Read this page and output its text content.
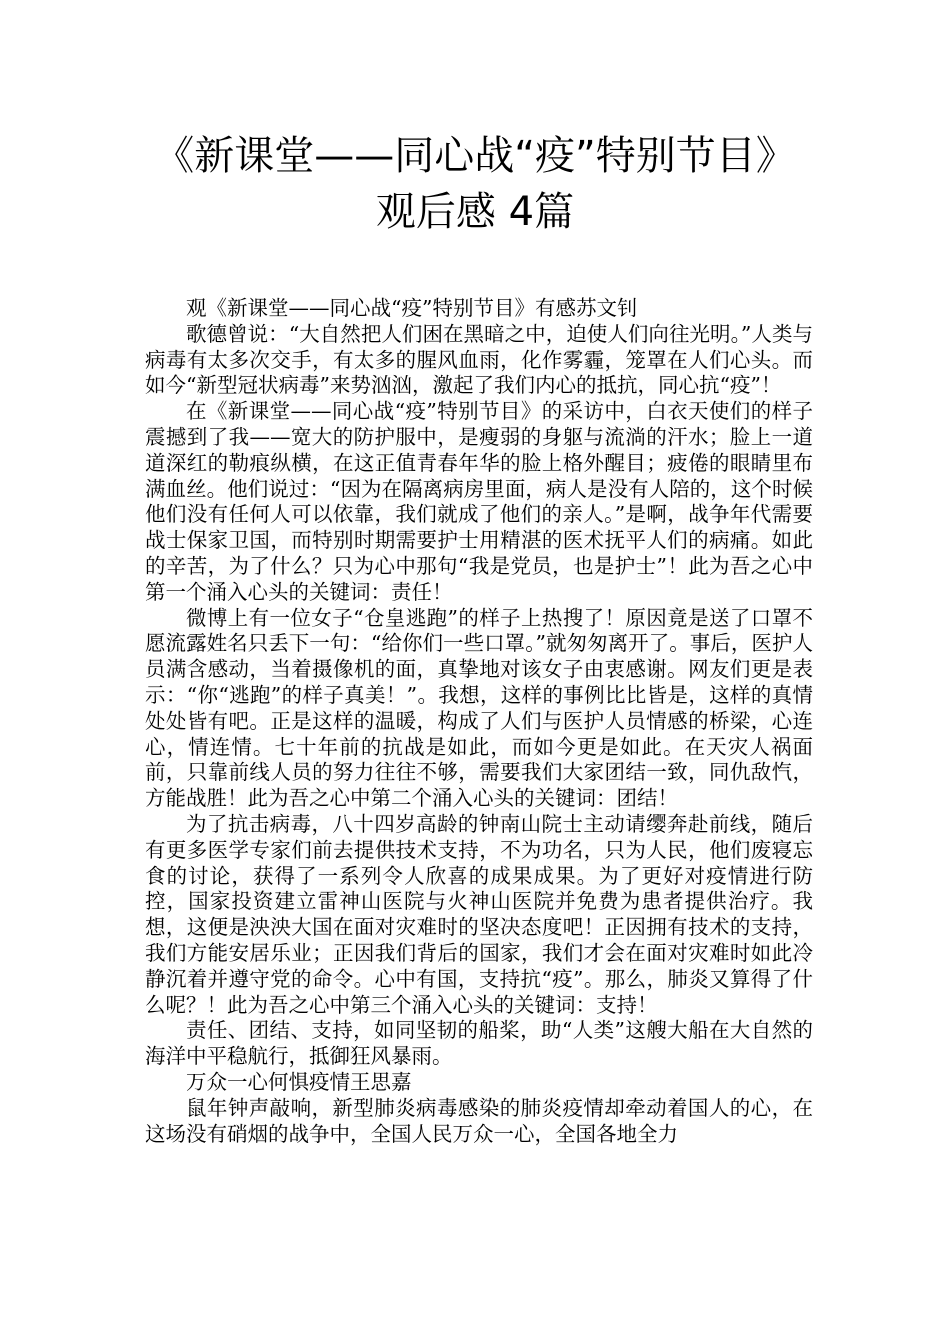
《新课堂——同心战“疫”特别节目》
观后感 4篇

观《新课堂——同心战“疫”特别节目》有感苏文钊

歌德曾说：“大自然把人们困在黑暗之中，迫使人们向往光明。”人类与病毒有太多次交手，有太多的腥风血雨，化作雾霾，笼罩在人们心头。而如今“新型冠状病毒”来势汹汹，激起了我们内心的抵抗，同心抗“疫”！

在《新课堂——同心战“疫”特别节目》的采访中，白衣天使们的样子震撼到了我——宽大的防护服中，是瘦弱的身躯与流淌的汗水；脸上一道道深红的勒痕纵横，在这正值青春年华的脸上格外醒目；疲倦的眼睛里布满血丝。他们说过：“因为在隔离病房里面，病人是没有人陪的，这个时候他们没有任何人可以依靠，我们就成了他们的亲人。”是啊，战争年代需要战士保家卫国，而特别时期需要护士用精湛的医术抚平人们的病痛。如此的辛苦，为了什么？只为心中那句“我是党员，也是护士”！此为吾之心中第一个涌入心头的关键词：责任！

微博上有一位女子“仓皇逃跑”的样子上热搜了！原因竟是送了口罩不愿流露姓名只丢下一句：“给你们一些口罩。”就匆匆离开了。事后，医护人员满含感动，当着摄像机的面，真挚地对该女子由衷感谢。网友们更是表示：“你“逃跑”的样子真美！”。我想，这样的事例比比皆是，这样的真情处处皆有吧。正是这样的温暖，构成了人们与医护人员情感的桥梁，心连心，情连情。七十年前的抗战是如此，而如今更是如此。在天灾人祸面前，只靠前线人员的努力往往不够，需要我们大家团结一致，同仇敌忾，方能战胜！此为吾之心中第二个涌入心头的关键词：团结！

为了抗击病毒，八十四岁高龄的钟南山院士主动请缨奔赴前线，随后有更多医学专家们前去提供技术支持，不为功名，只为人民，他们废寝忘食的讨论，获得了一系列令人欣喜的成果成果。为了更好对疫情进行防控，国家投资建立雷神山医院与火神山医院并免费为患者提供治疗。我想，这便是泱泱大国在面对灾难时的坚决态度吧！正因拥有技术的支持，我们方能安居乐业；正因我们背后的国家，我们才会在面对灾难时如此冷静沉着并遵守党的命令。心中有国，支持抗“疫”。那么，肺炎又算得了什么呢？！此为吾之心中第三个涌入心头的关键词：支持！

责任、团结、支持，如同坚韧的船桨，助“人类”这艘大船在大自然的海洋中平稳航行，抵御狂风暴雨。

万众一心何惧疫情王思嘉

鼠年钟声敲响，新型肺炎病毒感染的肺炎疫情却牵动着国人的心，在这场没有硝烟的战争中，全国人民万众一心，全国各地全力
